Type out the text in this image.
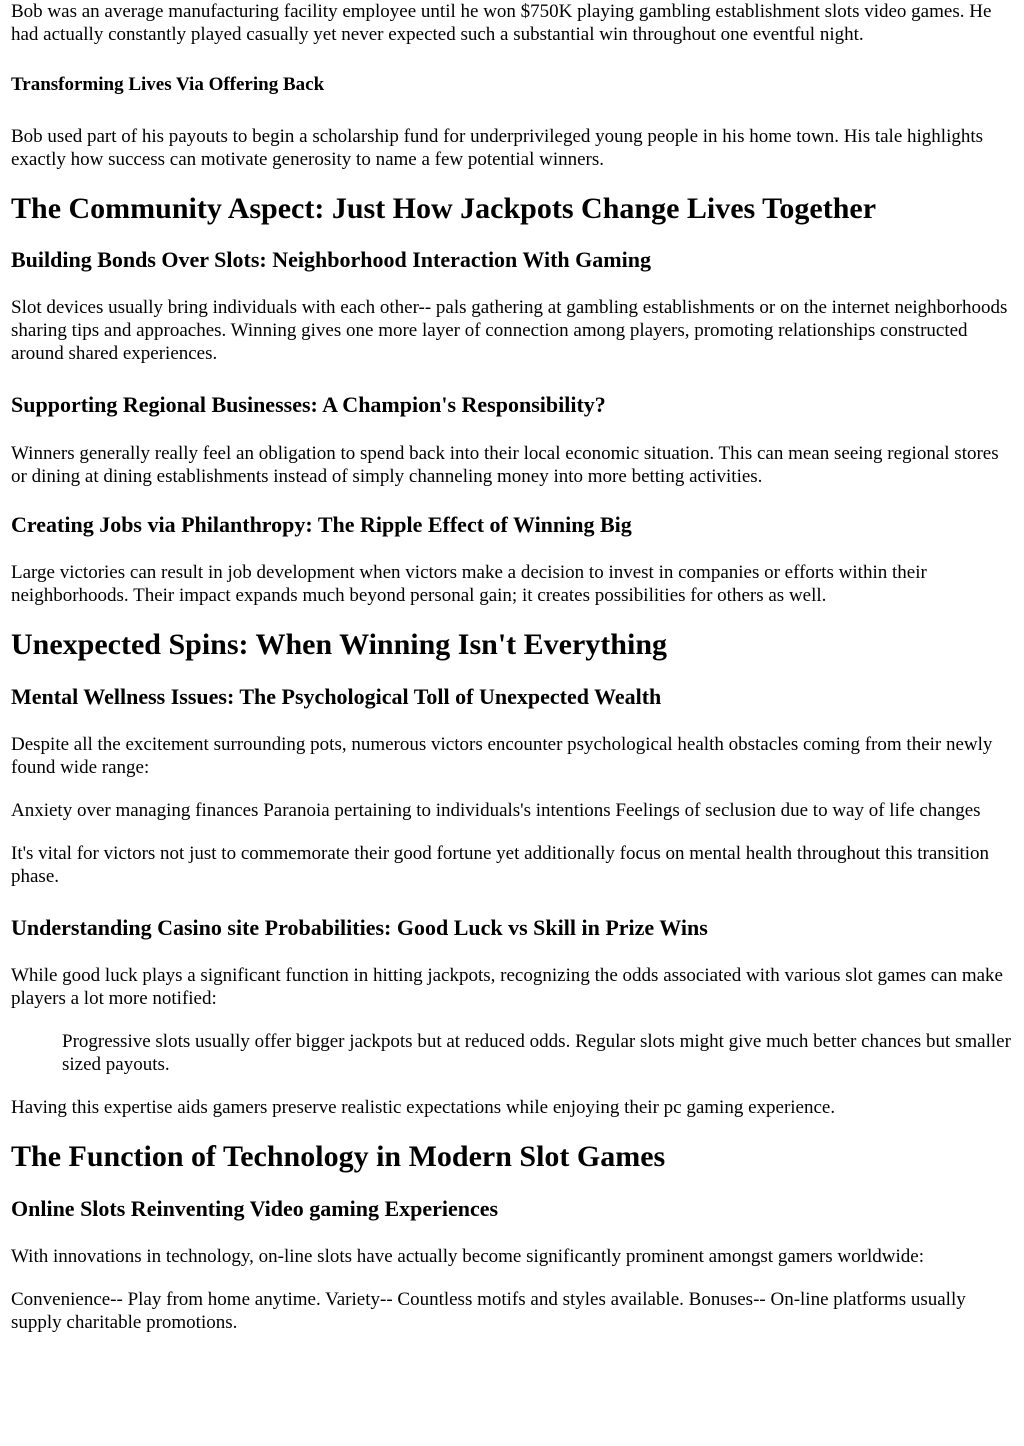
Bob was an average manufacturing facility employee until he won $750K playing gambling establishment slots video games. He had actually constantly played casually yet never expected such a substantial win throughout one eventful night.

Transforming Lives Via Offering Back

Bob used part of his payouts to begin a scholarship fund for underprivileged young people in his home town. His tale highlights exactly how success can motivate generosity to name a few potential winners.

The Community Aspect: Just How Jackpots Change Lives Together
Building Bonds Over Slots: Neighborhood Interaction With Gaming

Slot devices usually bring individuals with each other-- pals gathering at gambling establishments or on the internet neighborhoods sharing tips and approaches. Winning gives one more layer of connection among players, promoting relationships constructed around shared experiences.

Supporting Regional Businesses: A Champion's Responsibility?

Winners generally really feel an obligation to spend back into their local economic situation. This can mean seeing regional stores or dining at dining establishments instead of simply channeling money into more betting activities.

Creating Jobs via Philanthropy: The Ripple Effect of Winning Big

Large victories can result in job development when victors make a decision to invest in companies or efforts within their neighborhoods. Their impact expands much beyond personal gain; it creates possibilities for others as well.

Unexpected Spins: When Winning Isn't Everything
Mental Wellness Issues: The Psychological Toll of Unexpected Wealth

Despite all the excitement surrounding pots, numerous victors encounter psychological health obstacles coming from their newly found wide range:

Anxiety over managing finances Paranoia pertaining to individuals's intentions Feelings of seclusion due to way of life changes

It's vital for victors not just to commemorate their good fortune yet additionally focus on mental health throughout this transition phase.

Understanding Casino site Probabilities: Good Luck vs Skill in Prize Wins

While good luck plays a significant function in hitting jackpots, recognizing the odds associated with various slot games can make players a lot more notified:

Progressive slots usually offer bigger jackpots but at reduced odds. Regular slots might give much better chances but smaller sized payouts.

Having this expertise aids gamers preserve realistic expectations while enjoying their pc gaming experience.

The Function of Technology in Modern Slot Games
Online Slots Reinventing Video gaming Experiences

With innovations in technology, on-line slots have actually become significantly prominent amongst gamers worldwide:

Convenience-- Play from home anytime. Variety-- Countless motifs and styles available. Bonuses-- On-line platforms usually supply charitable promotions.
